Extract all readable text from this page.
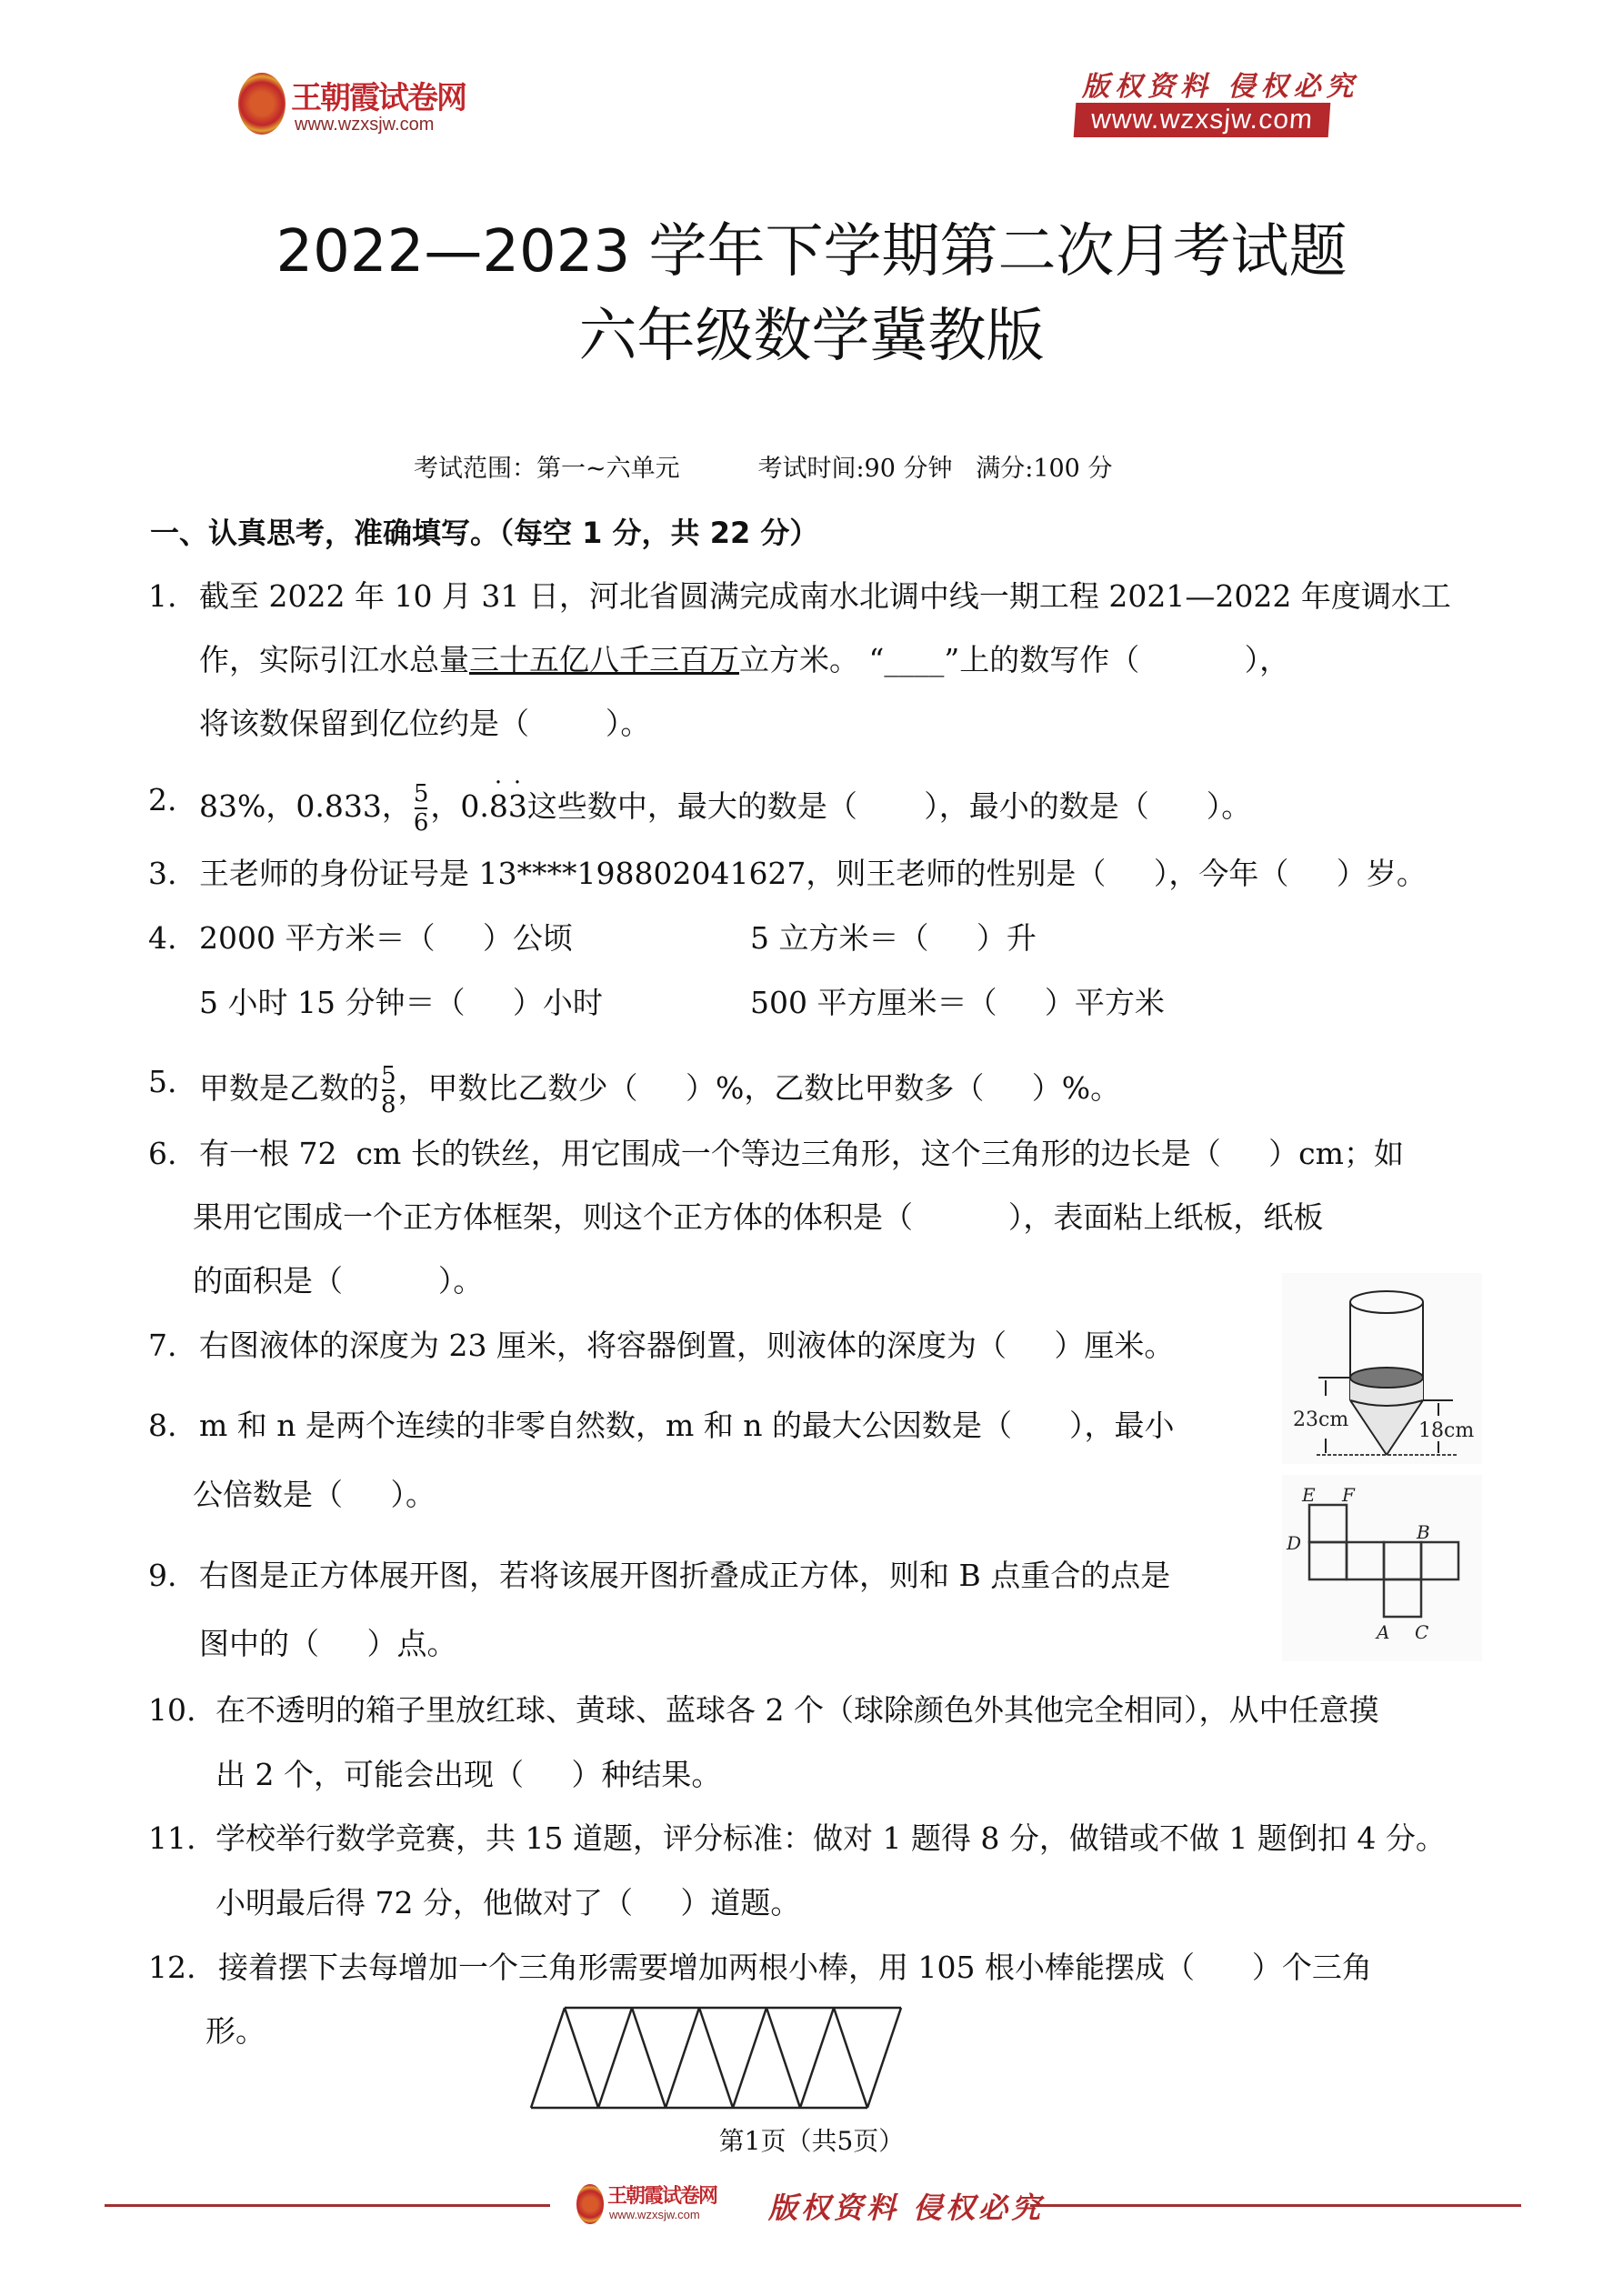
王朝霞试卷网
www.wzxsjw.com
版权资料 侵权必究
www.wzxsjw.com
2022—2023 学年下学期第二次月考试题
六年级数学冀教版
考试范围：第一~六单元          考试时间:90 分钟   满分:100 分
一、认真思考，准确填写。（每空 1 分，共 22 分）
1. 截至 2022 年 10 月 31 日，河北省圆满完成南水北调中线一期工程 2021—2022 年度调水工
作，实际引江水总量三十五亿八千三百万立方米。 “____”上的数写作（           ），
将该数保留到亿位约是（        ）。
2. 83%，0.833， $\frac{5}{6}$ ，0.· 8· 3这些数中，最大的数是（       ），最小的数是（      ）。
3. 王老师的身份证号是 13****198802041627，则王老师的性别是（     ），今年（     ）岁。
4. 2000 平方米＝（     ）公顷	5 立方米＝（     ）升
5 小时 15 分钟＝（     ）小时	500 平方厘米＝（     ）平方米
5. 甲数是乙数的 $\frac{5}{8}$ ，甲数比乙数少（     ）%，乙数比甲数多（     ）%。
6. 有一根 72  cm 长的铁丝，用它围成一个等边三角形，这个三角形的边长是（     ）cm；如
果用它围成一个正方体框架，则这个正方体的体积是（          ），表面粘上纸板，纸板
的面积是（          ）。
7. 右图液体的深度为 23 厘米，将容器倒置，则液体的深度为（     ）厘米。
8. m 和 n 是两个连续的非零自然数，m 和 n 的最大公因数是（      ），最小
公倍数是（     ）。
9. 右图是正方体展开图，若将该展开图折叠成正方体，则和 B 点重合的点是
图中的（     ）点。
10. 在不透明的箱子里放红球、黄球、蓝球各 2 个（球除颜色外其他完全相同），从中任意摸
出 2 个，可能会出现（     ）种结果。
11. 学校举行数学竞赛，共 15 道题，评分标准：做对 1 题得 8 分，做错或不做 1 题倒扣 4 分。
小明最后得 72 分，他做对了（     ）道题。
12. 接着摆下去每增加一个三角形需要增加两根小棒，用 105 根小棒能摆成（      ）个三角
形。
23cm	18cm
E F
D	B
A C
第1页（共5页）
王朝霞试卷网
www.wzxsjw.com 版权资料 侵权必究
